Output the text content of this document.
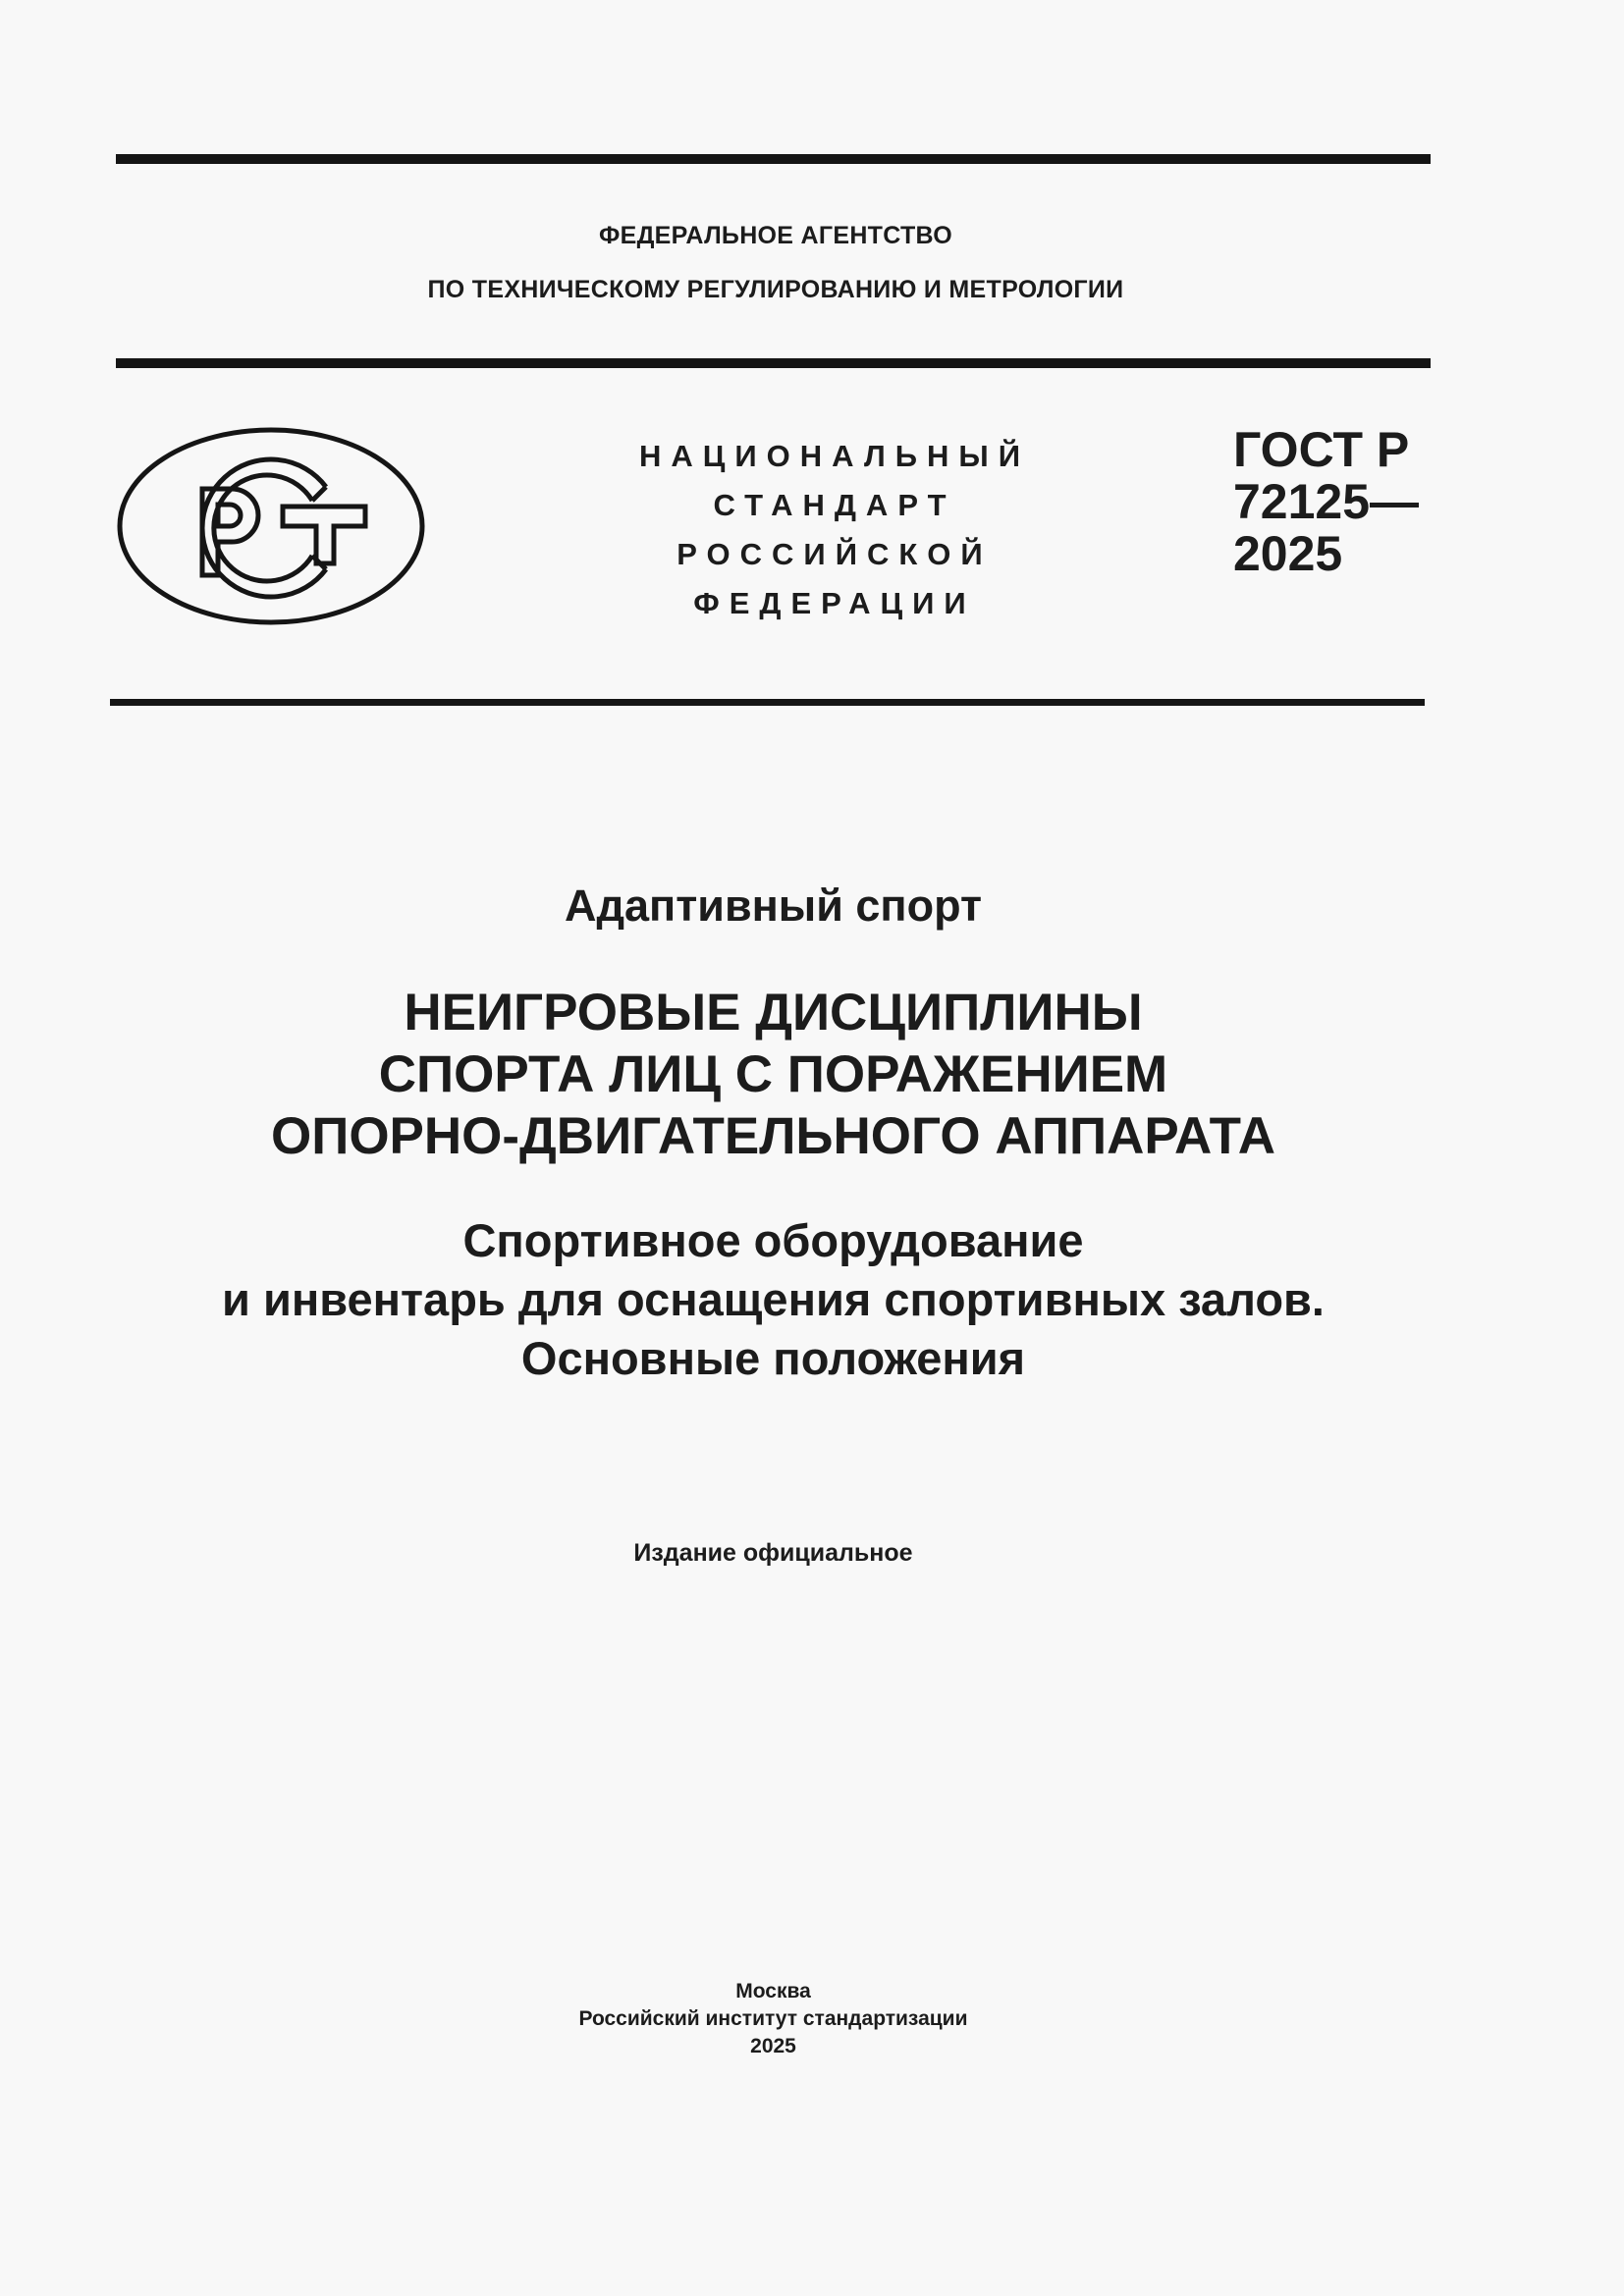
ФЕДЕРАЛЬНОЕ АГЕНТСТВО
ПО ТЕХНИЧЕСКОМУ РЕГУЛИРОВАНИЮ И МЕТРОЛОГИИ
НАЦИОНАЛЬНЫЙ
СТАНДАРТ
РОССИЙСКОЙ
ФЕДЕРАЦИИ
ГОСТ Р
72125—
2025
Адаптивный спорт
НЕИГРОВЫЕ ДИСЦИПЛИНЫ
СПОРТА ЛИЦ С ПОРАЖЕНИЕМ
ОПОРНО-ДВИГАТЕЛЬНОГО АППАРАТА
Спортивное оборудование
и инвентарь для оснащения спортивных залов.
Основные положения
Издание официальное
Москва
Российский институт стандартизации
2025
